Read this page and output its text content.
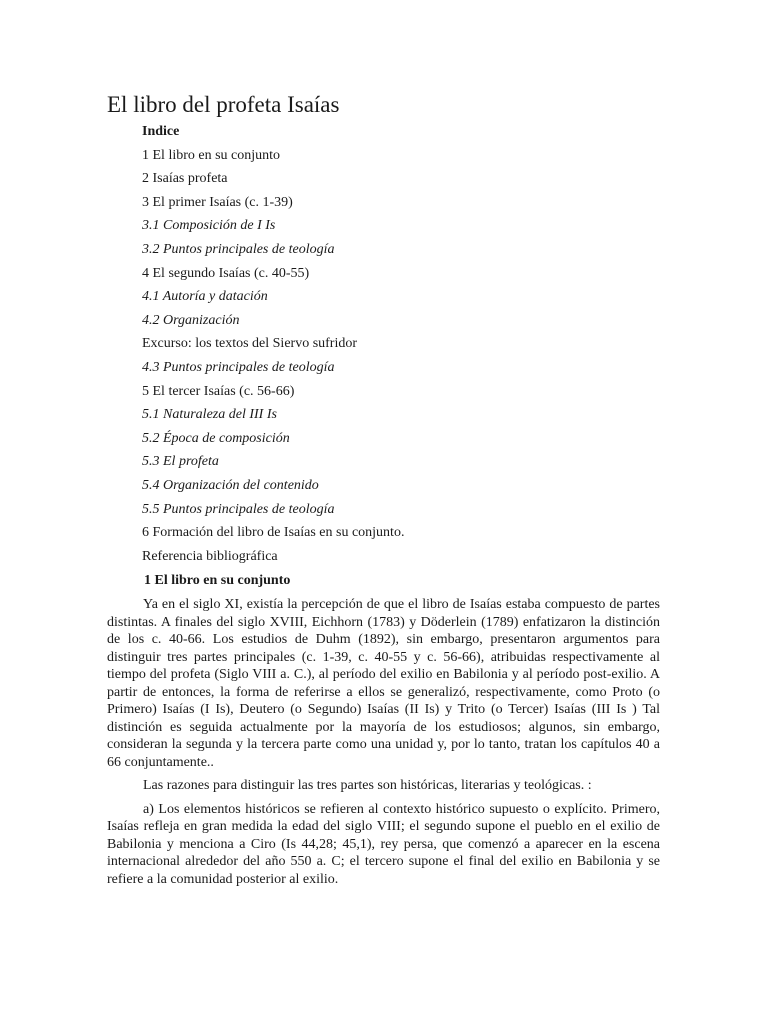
El libro del profeta Isaías
Indice
1 El libro en su conjunto
2 Isaías profeta
3 El primer Isaías (c. 1-39)
3.1 Composición de I Is
3.2 Puntos principales de teología
4 El segundo Isaías (c. 40-55)
4.1 Autoría y datación
4.2 Organización
Excurso: los textos del Siervo sufridor
4.3 Puntos principales de teología
5 El tercer Isaías (c. 56-66)
5.1 Naturaleza del III Is
5.2 Época de composición
5.3 El profeta
5.4 Organización del contenido
5.5 Puntos principales de teología
6 Formación del libro de Isaías en su conjunto.
Referencia bibliográfica
1 El libro en su conjunto

Ya en el siglo XI, existía la percepción de que el libro de Isaías estaba compuesto de partes distintas. A finales del siglo XVIII, Eichhorn (1783) y Döderlein (1789) enfatizaron la distinción de los c. 40-66. Los estudios de Duhm (1892), sin embargo, presentaron argumentos para distinguir tres partes principales (c. 1-39, c. 40-55 y c. 56-66), atribuidas respectivamente al tiempo del profeta (Siglo VIII a. C.), al período del exilio en Babilonia y al período post-exilio. A partir de entonces, la forma de referirse a ellos se generalizó, respectivamente, como Proto (o Primero) Isaías (I Is), Deutero (o Segundo) Isaías (II Is) y Trito (o Tercer) Isaías (III Is ) Tal distinción es seguida actualmente por la mayoría de los estudiosos; algunos, sin embargo, consideran la segunda y la tercera parte como una unidad y, por lo tanto, tratan los capítulos 40 a 66 conjuntamente..

Las razones para distinguir las tres partes son históricas, literarias y teológicas. :

a) Los elementos históricos se refieren al contexto histórico supuesto o explícito. Primero, Isaías refleja en gran medida la edad del siglo VIII; el segundo supone el pueblo en el exilio de Babilonia y menciona a Ciro (Is 44,28; 45,1), rey persa, que comenzó a aparecer en la escena internacional alrededor del año 550 a. C; el tercero supone el final del exilio en Babilonia y se refiere a la comunidad posterior al exilio.
